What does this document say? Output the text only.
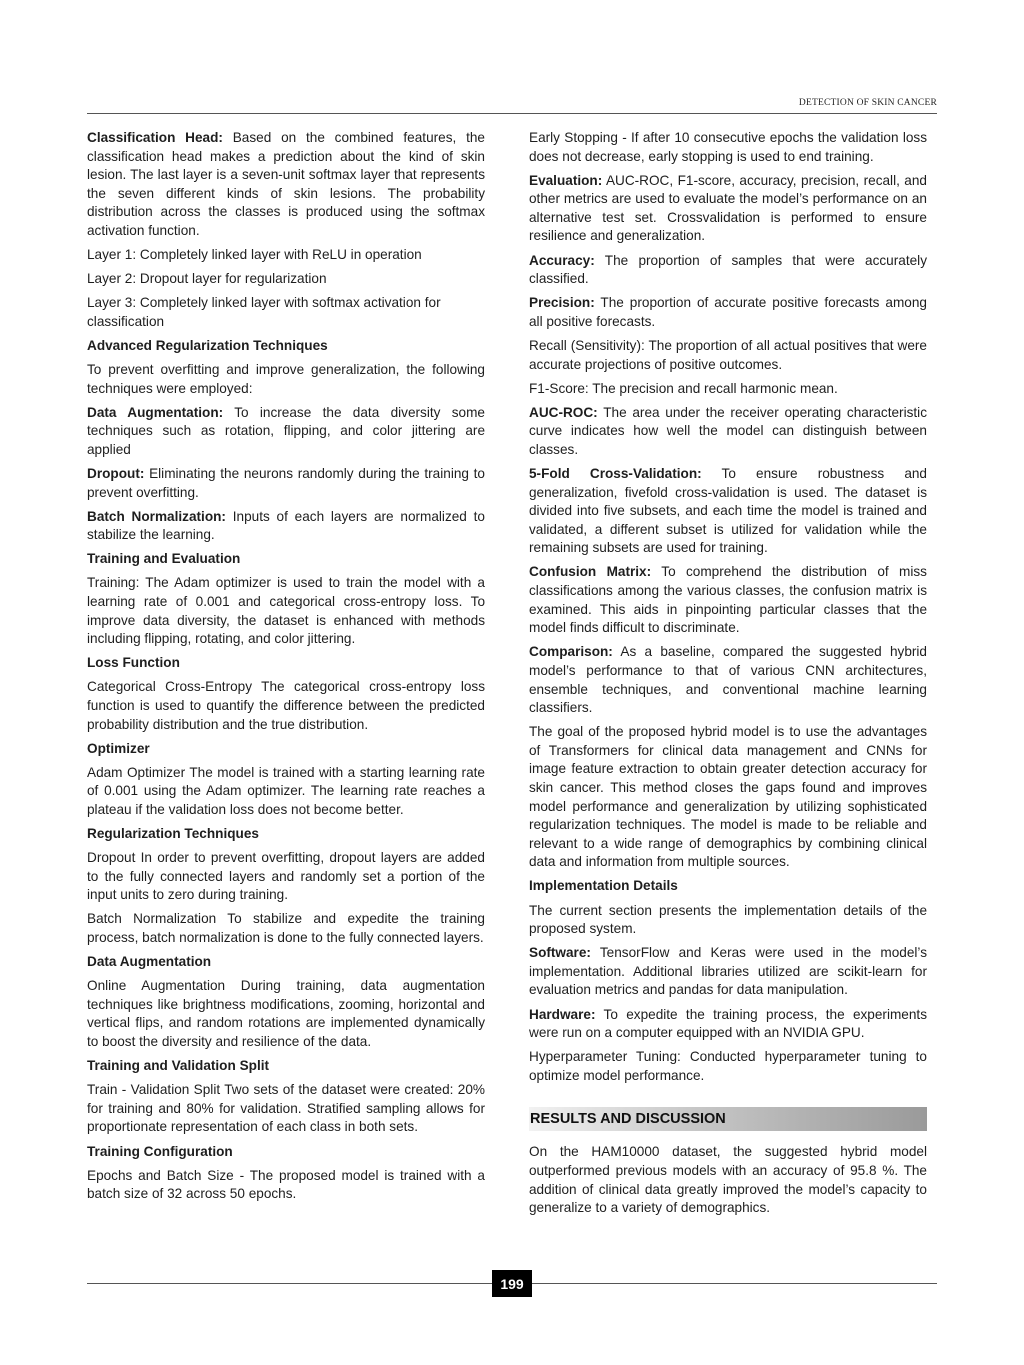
DETECTION OF SKIN CANCER

Classification Head: Based on the combined features, the classification head makes a prediction about the kind of skin lesion. The last layer is a seven-unit softmax layer that represents the seven different kinds of skin lesions. The probability distribution across the classes is produced using the softmax activation function.

Layer 1: Completely linked layer with ReLU in operation

Layer 2: Dropout layer for regularization

Layer 3: Completely linked layer with softmax activation for classification

Advanced Regularization Techniques

To prevent overfitting and improve generalization, the following techniques were employed:

Data Augmentation: To increase the data diversity some techniques such as rotation, flipping, and color jittering are applied

Dropout: Eliminating the neurons randomly during the training to prevent overfitting.

Batch Normalization: Inputs of each layers are normalized to stabilize the learning.

Training and Evaluation

Training: The Adam optimizer is used to train the model with a learning rate of 0.001 and categorical cross-entropy loss. To improve data diversity, the dataset is enhanced with methods including flipping, rotating, and color jittering.

Loss Function

Categorical Cross-Entropy The categorical cross-entropy loss function is used to quantify the difference between the predicted probability distribution and the true distribution.

Optimizer

Adam Optimizer The model is trained with a starting learning rate of 0.001 using the Adam optimizer. The learning rate reaches a plateau if the validation loss does not become better.

Regularization Techniques

Dropout In order to prevent overfitting, dropout layers are added to the fully connected layers and randomly set a portion of the input units to zero during training.

Batch Normalization To stabilize and expedite the training process, batch normalization is done to the fully connected layers.

Data Augmentation

Online Augmentation During training, data augmentation techniques like brightness modifications, zooming, horizontal and vertical flips, and random rotations are implemented dynamically to boost the diversity and resilience of the data.

Training and Validation Split

Train - Validation Split Two sets of the dataset were created: 20% for training and 80% for validation. Stratified sampling allows for proportionate representation of each class in both sets.

Training Configuration

Epochs and Batch Size - The proposed model is trained with a batch size of 32 across 50 epochs.

Early Stopping - If after 10 consecutive epochs the validation loss does not decrease, early stopping is used to end training.

Evaluation: AUC-ROC, F1-score, accuracy, precision, recall, and other metrics are used to evaluate the model’s performance on an alternative test set. Crossvalidation is performed to ensure resilience and generalization.

Accuracy: The proportion of samples that were accurately classified.

Precision: The proportion of accurate positive forecasts among all positive forecasts.

Recall (Sensitivity): The proportion of all actual positives that were accurate projections of positive outcomes.

F1-Score: The precision and recall harmonic mean.

AUC-ROC: The area under the receiver operating characteristic curve indicates how well the model can distinguish between classes.

5-Fold Cross-Validation: To ensure robustness and generalization, fivefold cross-validation is used. The dataset is divided into five subsets, and each time the model is trained and validated, a different subset is utilized for validation while the remaining subsets are used for training.

Confusion Matrix: To comprehend the distribution of miss classifications among the various classes, the confusion matrix is examined. This aids in pinpointing particular classes that the model finds difficult to discriminate.

Comparison: As a baseline, compared the suggested hybrid model’s performance to that of various CNN architectures, ensemble techniques, and conventional machine learning classifiers.

The goal of the proposed hybrid model is to use the advantages of Transformers for clinical data management and CNNs for image feature extraction to obtain greater detection accuracy for skin cancer. This method closes the gaps found and improves model performance and generalization by utilizing sophisticated regularization techniques. The model is made to be reliable and relevant to a wide range of demographics by combining clinical data and information from multiple sources.

Implementation Details

The current section presents the implementation details of the proposed system.

Software: TensorFlow and Keras were used in the model’s implementation. Additional libraries utilized are scikit-learn for evaluation metrics and pandas for data manipulation.

Hardware: To expedite the training process, the experiments were run on a computer equipped with an NVIDIA GPU.

Hyperparameter Tuning: Conducted hyperparameter tuning to optimize model performance.

RESULTS AND DISCUSSION

On the HAM10000 dataset, the suggested hybrid model outperformed previous models with an accuracy of 95.8 %. The addition of clinical data greatly improved the model’s capacity to generalize to a variety of demographics.

199
